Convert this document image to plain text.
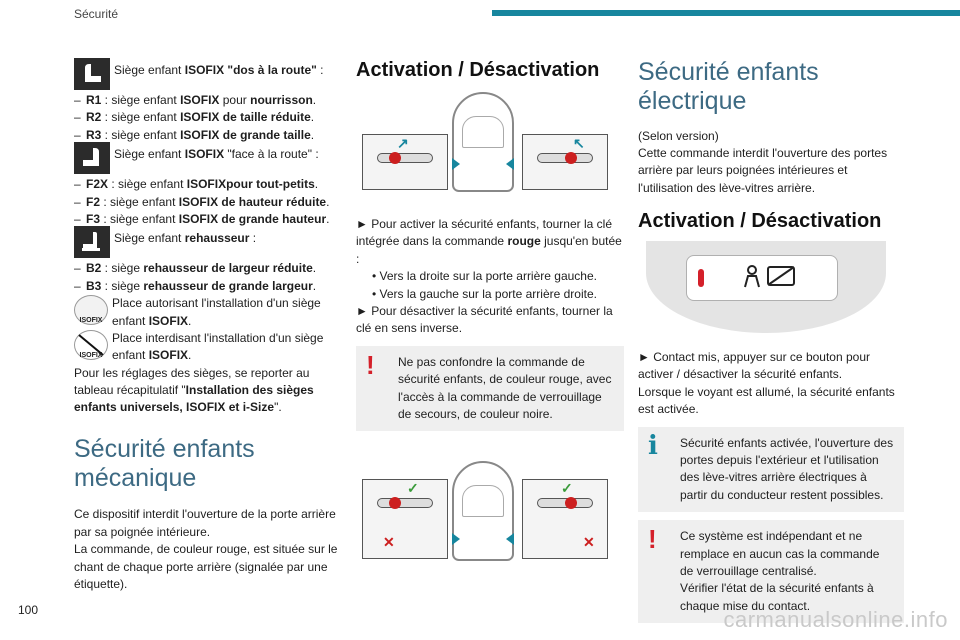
Sécurité
Siège enfant ISOFIX "dos à la route" :
– R1 : siège enfant ISOFIX pour nourrisson.
– R2 : siège enfant ISOFIX de taille réduite.
– R3 : siège enfant ISOFIX de grande taille.
Siège enfant ISOFIX "face à la route" :
– F2X : siège enfant ISOFIXpour tout-petits.
– F2 : siège enfant ISOFIX de hauteur réduite.
– F3 : siège enfant ISOFIX de grande hauteur.
Siège enfant rehausseur :
– B2 : siège rehausseur de largeur réduite.
– B3 : siège rehausseur de grande largeur.
ISOFIX
Place autorisant l'installation d'un siège
enfant ISOFIX.
ISOFIX
Place interdisant l'installation d'un siège
enfant ISOFIX.
Pour les réglages des sièges, se reporter au
tableau récapitulatif "Installation des sièges
enfants universels, ISOFIX et i-Size".
Sécurité enfants mécanique

Ce dispositif interdit l'ouverture de la porte arrière par sa poignée intérieure.

La commande, de couleur rouge, est située sur le chant de chaque porte arrière (signalée par une étiquette).

Activation / Désactivation
↗	↖

► Pour activer la sécurité enfants, tourner la clé intégrée dans la commande rouge jusqu'en butée :

• Vers la droite sur la porte arrière gauche.

• Vers la gauche sur la porte arrière droite.

► Pour désactiver la sécurité enfants, tourner la clé en sens inverse.

!	Ne pas confondre la commande de sécurité enfants, de couleur rouge, avec l'accès à la commande de verrouillage de secours, de couleur noire.

✓
✕
✓
✕
Sécurité enfants électrique

(Selon version)

Cette commande interdit l'ouverture des portes arrière par leurs poignées intérieures et l'utilisation des lève-vitres arrière.

Activation / Désactivation

► Contact mis, appuyer sur ce bouton pour activer / désactiver la sécurité enfants.

Lorsque le voyant est allumé, la sécurité enfants est activée.

i	Sécurité enfants activée, l'ouverture des portes depuis l'extérieur et l'utilisation des lève-vitres arrière électriques à partir du conducteur restent possibles.

!	Ce système est indépendant et ne remplace en aucun cas la commande de verrouillage centralisé.

Vérifier l'état de la sécurité enfants à chaque mise du contact.

100	carmanualsonline.info
